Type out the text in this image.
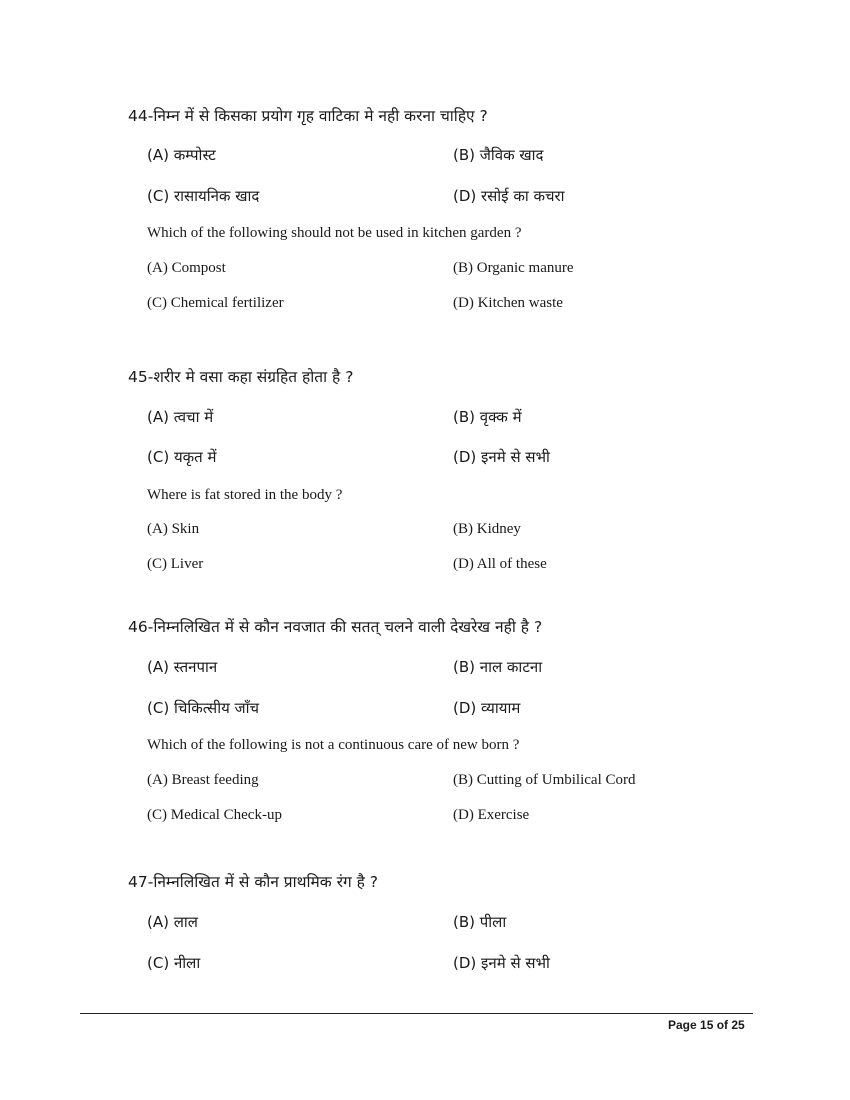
44-निम्न में से किसका प्रयोग गृह वाटिका मे नही करना चाहिए ?
(A) कम्पोस्ट	(B) जैविक खाद
(C) रासायनिक खाद	(D) रसोई का कचरा
Which of the following should not be used in kitchen garden ?
(A) Compost	(B) Organic manure
(C) Chemical fertilizer	(D) Kitchen waste
45-शरीर मे वसा कहा संग्रहित होता है ?
(A) त्वचा में	(B) वृक्क में
(C) यकृत में	(D) इनमे से सभी
Where is fat stored in the body ?
(A) Skin	(B) Kidney
(C) Liver	(D) All of these
46-निम्नलिखित में से कौन नवजात की सतत् चलने वाली देखरेख नही है ?
(A) स्तनपान	(B) नाल काटना
(C) चिकित्सीय जाँच	(D) व्यायाम
Which of the following is not a continuous care of new born ?
(A) Breast feeding	(B) Cutting of Umbilical Cord
(C) Medical Check-up	(D) Exercise
47-निम्नलिखित में से कौन प्राथमिक रंग है ?
(A) लाल	(B) पीला
(C) नीला	(D) इनमे से सभी
Page 15 of 25
